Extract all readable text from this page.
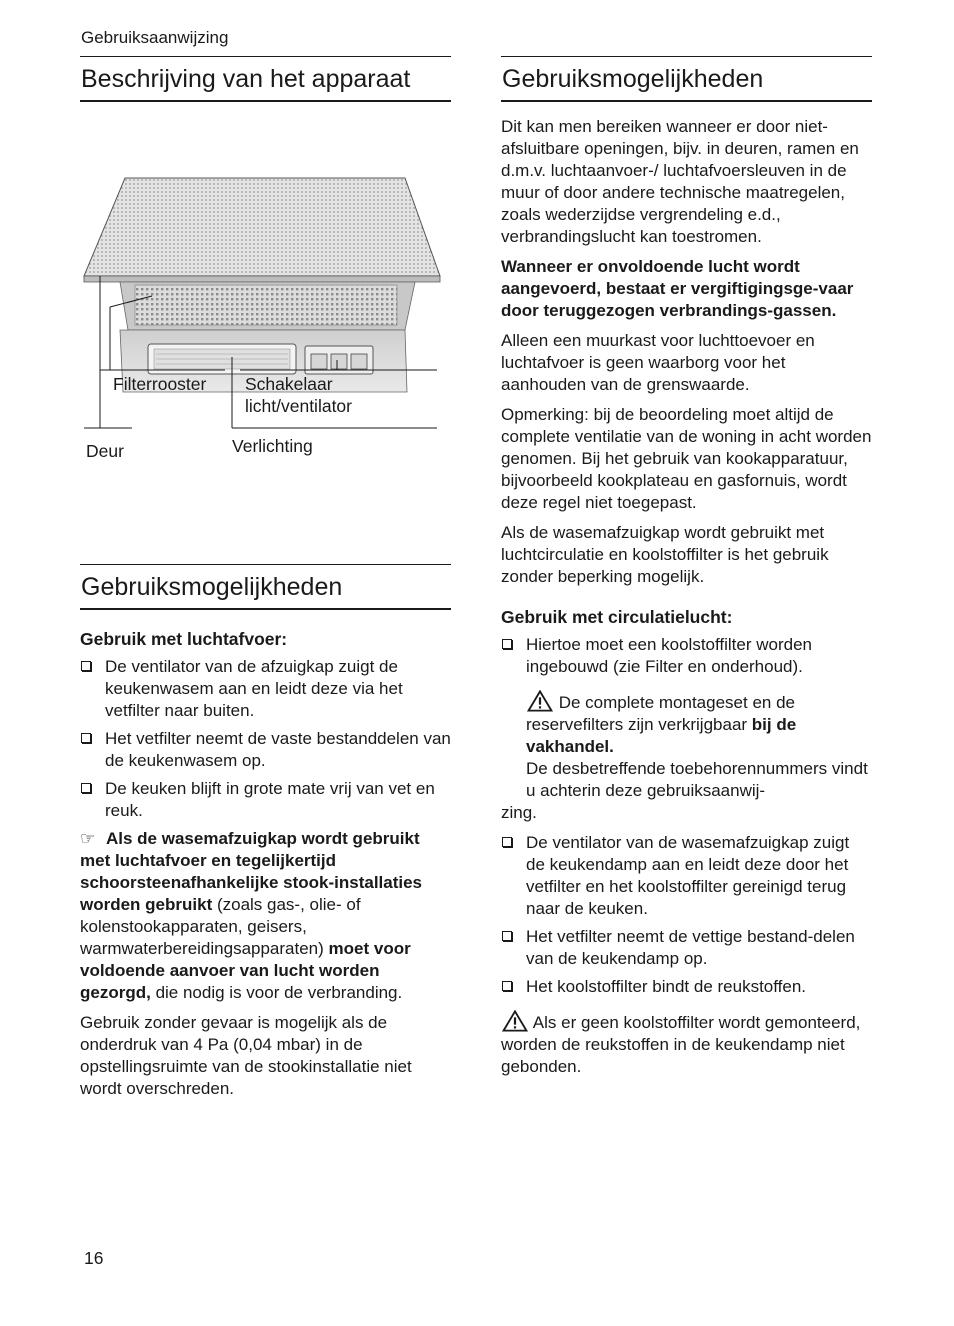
Gebruiksaanwijzing
Beschrijving van het apparaat
Filterrooster Schakelaar
licht/ventilator
Deur	Verlichting
Gebruiksmogelijkheden
Gebruik met luchtafvoer:
De ventilator van de afzuigkap zuigt de keukenwasem aan en leidt deze via het vetfilter naar buiten.
Het vetfilter neemt de vaste bestanddelen van de keukenwasem op.
De keuken blijft in grote mate vrij van vet en reuk.

☞ Als de wasemafzuigkap wordt gebruikt met luchtafvoer en tegelijkertijd schoorsteenafhankelijke stook-installaties worden gebruikt (zoals gas-, olie- of kolenstookapparaten, geisers, warmwaterbereidingsapparaten) moet voor voldoende aanvoer van lucht worden gezorgd, die nodig is voor de verbranding.

Gebruik zonder gevaar is mogelijk als de onderdruk van 4 Pa (0,04 mbar) in de opstellingsruimte van de stookinstallatie niet wordt overschreden.

Gebruiksmogelijkheden

Dit kan men bereiken wanneer er door niet-afsluitbare openingen, bijv. in deuren, ramen en d.m.v. luchtaanvoer-/ luchtafvoersleuven in de muur of door andere technische maatregelen, zoals wederzijdse vergrendeling e.d., verbrandingslucht kan toestromen.

Wanneer er onvoldoende lucht wordt aangevoerd, bestaat er vergiftigingsge-vaar door teruggezogen verbrandings-gassen.

Alleen een muurkast voor luchttoevoer en luchtafvoer is geen waarborg voor het aanhouden van de grenswaarde.

Opmerking: bij de beoordeling moet altijd de complete ventilatie van de woning in acht worden genomen. Bij het gebruik van kookapparatuur, bijvoorbeeld kookplateau en gasfornuis, wordt deze regel niet toegepast.

Als de wasemafzuigkap wordt gebruikt met luchtcirculatie en koolstoffilter is het gebruik zonder beperking mogelijk.

Gebruik met circulatielucht:
Hiertoe moet een koolstoffilter worden ingebouwd (zie Filter en onderhoud).

De complete montageset en de reservefilters zijn verkrijgbaar bij de vakhandel.
De desbetreffende toebehorennummers vindt u achterin deze gebruiksaanwij-

zing.

De ventilator van de wasemafzuigkap zuigt de keukendamp aan en leidt deze door het vetfilter en het koolstoffilter gereinigd terug naar de keuken.
Het vetfilter neemt de vettige bestand-delen van de keukendamp op.
Het koolstoffilter bindt de reukstoffen.

Als er geen koolstoffilter wordt gemonteerd, worden de reukstoffen in de keukendamp niet gebonden.

16
